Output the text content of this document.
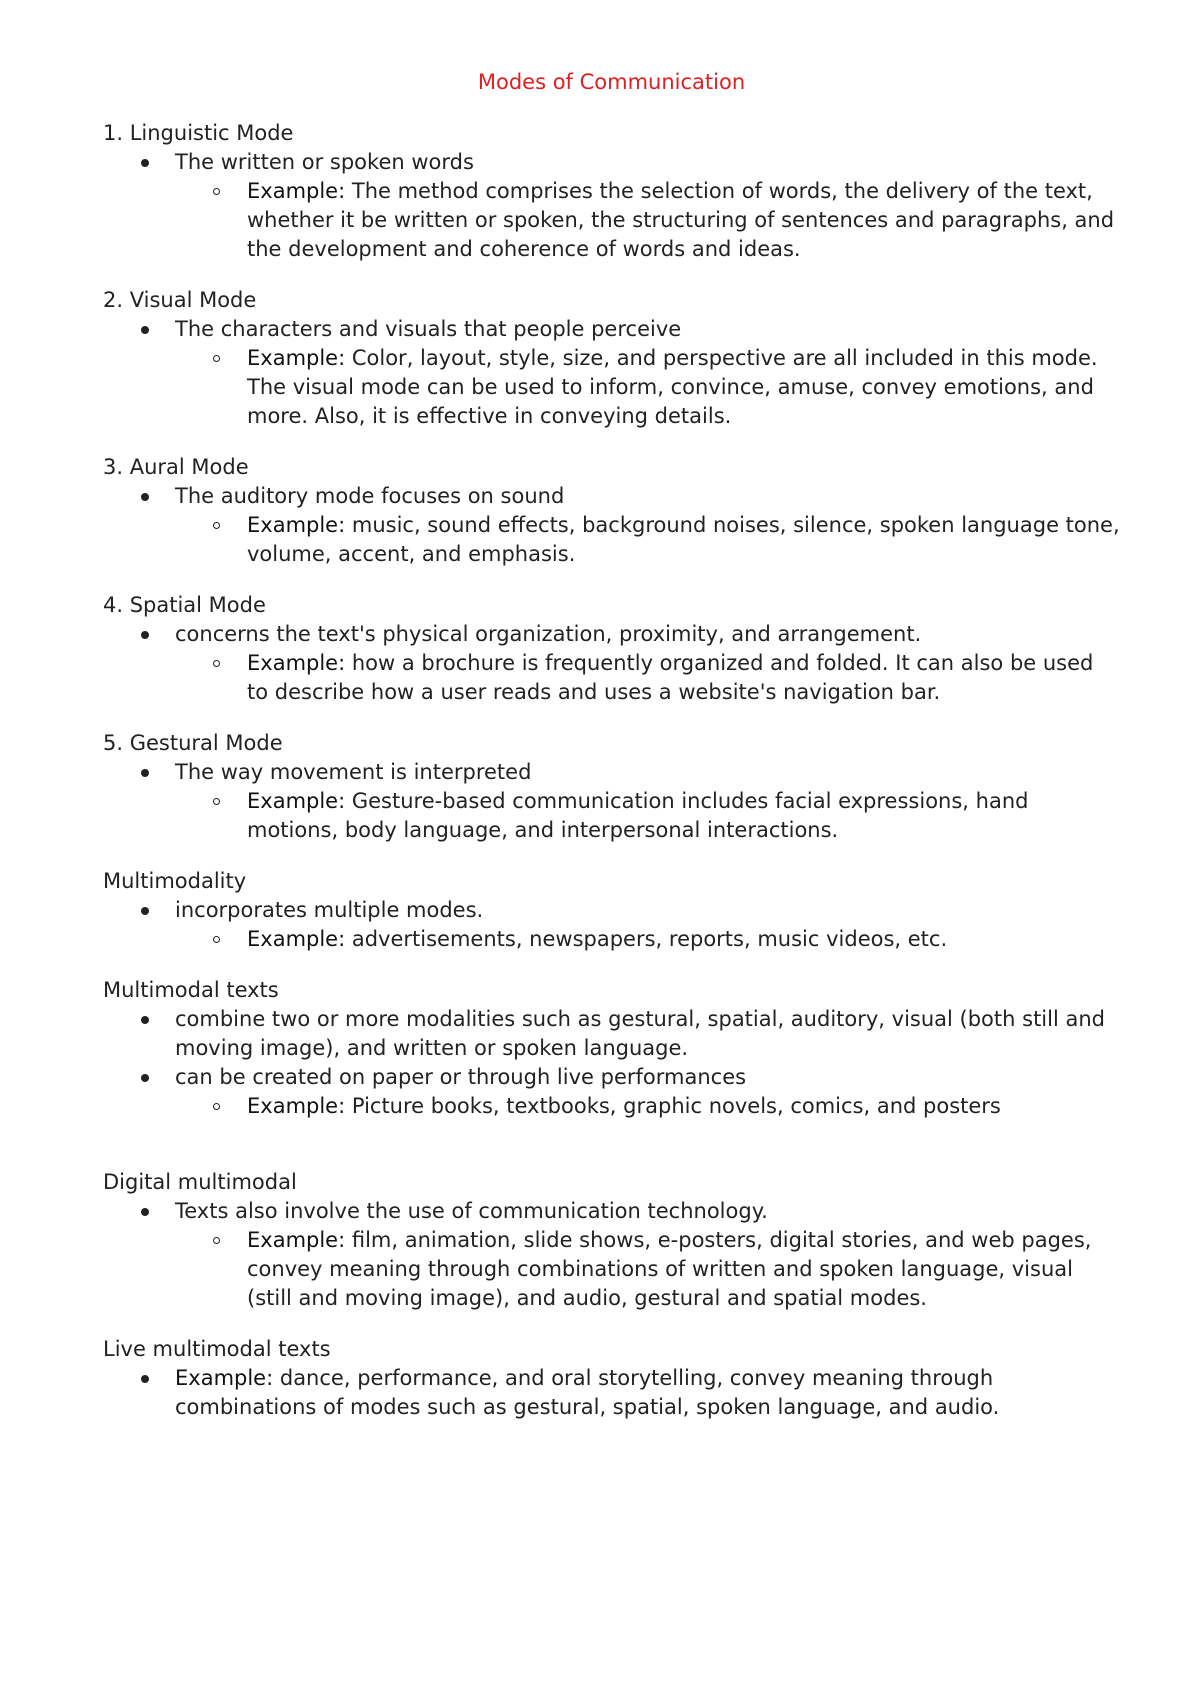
Modes of Communication
1. Linguistic Mode
The written or spoken words
Example: The method comprises the selection of words, the delivery of the text, whether it be written or spoken, the structuring of sentences and paragraphs, and the development and coherence of words and ideas.
2. Visual Mode
The characters and visuals that people perceive
Example: Color, layout, style, size, and perspective are all included in this mode. The visual mode can be used to inform, convince, amuse, convey emotions, and more. Also, it is effective in conveying details.
3. Aural Mode
The auditory mode focuses on sound
Example: music, sound effects, background noises, silence, spoken language tone, volume, accent, and emphasis.
4. Spatial Mode
concerns the text's physical organization, proximity, and arrangement.
Example: how a brochure is frequently organized and folded. It can also be used to describe how a user reads and uses a website's navigation bar.
5. Gestural Mode
The way movement is interpreted
Example: Gesture-based communication includes facial expressions, hand motions, body language, and interpersonal interactions.
Multimodality
incorporates multiple modes.
Example: advertisements, newspapers, reports, music videos, etc.
Multimodal texts
combine two or more modalities such as gestural, spatial, auditory, visual (both still and moving image), and written or spoken language.
can be created on paper or through live performances
Example: Picture books, textbooks, graphic novels, comics, and posters
Digital multimodal
Texts also involve the use of communication technology.
Example: film, animation, slide shows, e-posters, digital stories, and web pages, convey meaning through combinations of written and spoken language, visual (still and moving image), and audio, gestural and spatial modes.
Live multimodal texts
Example: dance, performance, and oral storytelling, convey meaning through combinations of modes such as gestural, spatial, spoken language, and audio.
